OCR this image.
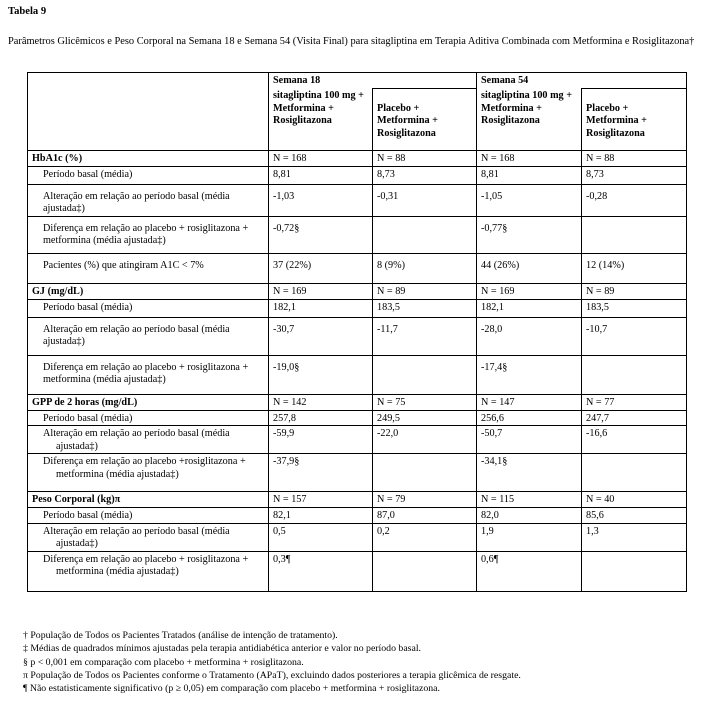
Tabela 9
Parâmetros Glicêmicos e Peso Corporal na Semana 18 e Semana 54 (Visita Final) para sitagliptina em Terapia Aditiva Combinada com Metformina e Rosiglitazona†
	Semana 18		Semana 54	
	sitagliptina 100 mg + Metformina + Rosiglitazona	Placebo + Metformina + Rosiglitazona	sitagliptina 100 mg + Metformina + Rosiglitazona	Placebo + Metformina + Rosiglitazona
HbA1c (%)	N = 168	N = 88	N = 168	N = 88
Período basal (média)	8,81	8,73	8,81	8,73
Alteração em relação ao período basal (média ajustada‡)	-1,03	-0,31	-1,05	-0,28
Diferença em relação ao placebo + rosiglitazona + metformina (média ajustada‡)	-0,72§		-0,77§	
Pacientes (%) que atingiram A1C < 7%	37 (22%)	8 (9%)	44 (26%)	12 (14%)
GJ (mg/dL)	N = 169	N = 89	N = 169	N = 89
Período basal (média)	182,1	183,5	182,1	183,5
Alteração em relação ao período basal (média ajustada‡)	-30,7	-11,7	-28,0	-10,7
Diferença em relação ao placebo + rosiglitazona + metformina (média ajustada‡)	-19,0§		-17,4§	
GPP de 2 horas (mg/dL)	N = 142	N = 75	N = 147	N = 77
Período basal (média)	257,8	249,5	256,6	247,7
Alteração em relação ao período basal (média ajustada‡)	-59,9	-22,0	-50,7	-16,6
Diferença em relação ao placebo +rosiglitazona + metformina (média ajustada‡)	-37,9§		-34,1§	
Peso Corporal (kg)π	N = 157	N = 79	N = 115	N = 40
Período basal (média)	82,1	87,0	82,0	85,6
Alteração em relação ao período basal (média ajustada‡)	0,5	0,2	1,9	1,3
Diferença em relação ao placebo + rosiglitazona + metformina (média ajustada‡)	0,3¶		0,6¶	
† População de Todos os Pacientes Tratados (análise de intenção de tratamento).
‡ Médias de quadrados mínimos ajustadas pela terapia antidiabética anterior e valor no período basal.
§ p < 0,001 em comparação com placebo + metformina + rosiglitazona.
π População de Todos os Pacientes conforme o Tratamento (APaT), excluindo dados posteriores a terapia glicêmica de resgate.
¶ Não estatisticamente significativo (p ≥ 0,05) em comparação com placebo + metformina + rosiglitazona.
